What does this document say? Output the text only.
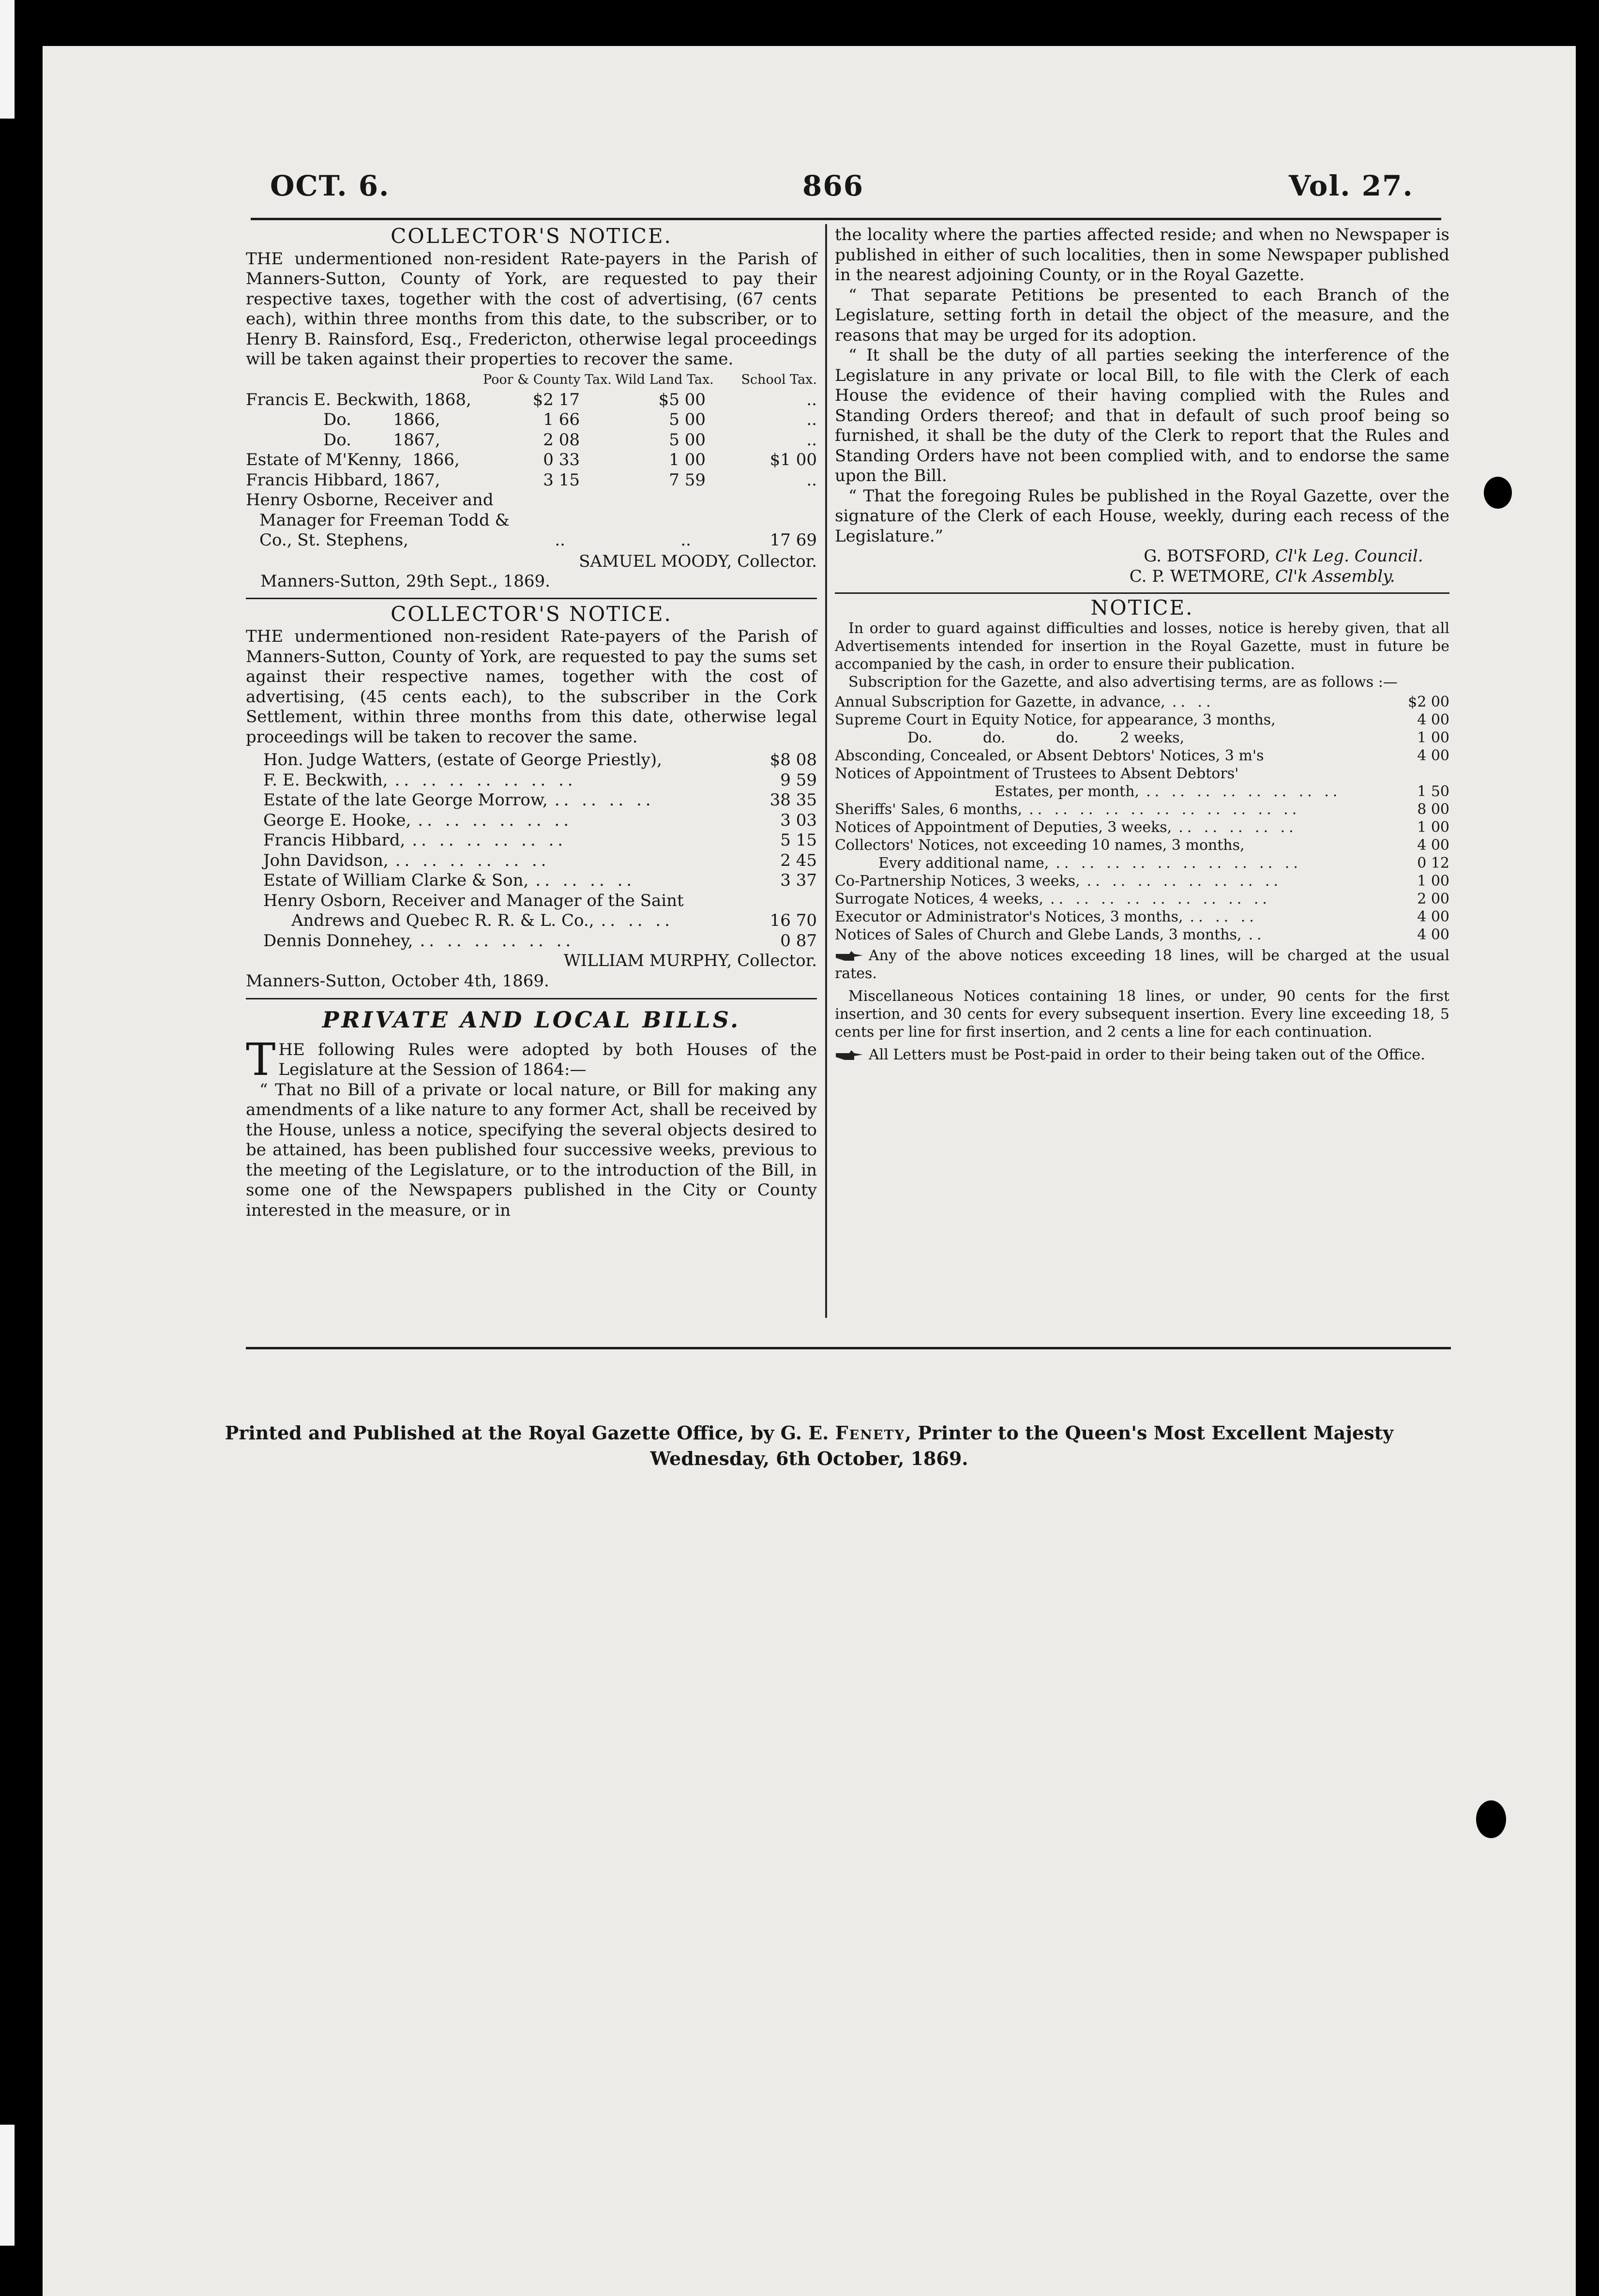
OCT. 6.	866	Vol. 27.
COLLECTOR'S NOTICE.

THE undermentioned non-resident Rate-payers in the Parish of Manners-Sutton, County of York, are requested to pay their respective taxes, together with the cost of advertising, (67 cents each), within three months from this date, to the subscriber, or to Henry B. Rainsford, Esq., Fredericton, otherwise legal proceedings will be taken against their properties to recover the same.

Poor & County Tax. Wild Land Tax.	School Tax.
Francis E. Beckwith, 1868,	$2 17	$5 00	..
Do.        1866,	1 66	5 00	..
Do.        1867,	2 08	5 00	..
Estate of M'Kenny,  1866,	0 33	1 00	$1 00
Francis Hibbard, 1867,	3 15	7 59	..
Henry Osborne, Receiver and
Manager for Freeman Todd &
Co., St. Stephens,	..	..	17 69
SAMUEL MOODY, Collector.
Manners-Sutton, 29th Sept., 1869.
COLLECTOR'S NOTICE.

THE undermentioned non-resident Rate-payers of the Parish of Manners-Sutton, County of York, are requested to pay the sums set against their respective names, together with the cost of advertising, (45 cents each), to the subscriber in the Cork Settlement, within three months from this date, otherwise legal proceedings will be taken to recover the same.

Hon. Judge Watters, (estate of George Priestly),	$8 08
F. E. Beckwith, .. .. .. .. .. .. ..	9 59
Estate of the late George Morrow, .. .. .. ..	38 35
George E. Hooke, .. .. .. .. .. ..	3 03
Francis Hibbard, .. .. .. .. .. ..	5 15
John Davidson, .. .. .. .. .. ..	2 45
Estate of William Clarke & Son, .. .. .. ..	3 37
Henry Osborn, Receiver and Manager of the Saint
Andrews and Quebec R. R. & L. Co., .. .. ..	16 70
Dennis Donnehey, .. .. .. .. .. ..	0 87
WILLIAM MURPHY, Collector.
Manners-Sutton, October 4th, 1869.
PRIVATE AND LOCAL BILLS.

THE following Rules were adopted by both Houses of the Legislature at the Session of 1864:—

“ That no Bill of a private or local nature, or Bill for making any amendments of a like nature to any former Act, shall be received by the House, unless a notice, specifying the several objects desired to be attained, has been published four successive weeks, previous to the meeting of the Legislature, or to the introduction of the Bill, in some one of the Newspapers published in the City or County interested in the measure, or in

the locality where the parties affected reside; and when no Newspaper is published in either of such localities, then in some Newspaper published in the nearest adjoining County, or in the Royal Gazette.

“ That separate Petitions be presented to each Branch of the Legislature, setting forth in detail the object of the measure, and the reasons that may be urged for its adoption.

“ It shall be the duty of all parties seeking the interference of the Legislature in any private or local Bill, to file with the Clerk of each House the evidence of their having complied with the Rules and Standing Orders thereof; and that in default of such proof being so furnished, it shall be the duty of the Clerk to report that the Rules and Standing Orders have not been complied with, and to endorse the same upon the Bill.

“ That the foregoing Rules be published in the Royal Gazette, over the signature of the Clerk of each House, weekly, during each recess of the Legislature.”

G. BOTSFORD, Cl'k Leg. Council.
C. P. WETMORE, Cl'k Assembly.
NOTICE.

In order to guard against difficulties and losses, notice is hereby given, that all Advertisements intended for insertion in the Royal Gazette, must in future be accompanied by the cash, in order to ensure their publication.

Subscription for the Gazette, and also advertising terms, are as follows :—

Annual Subscription for Gazette, in advance, .. ..	$2 00
Supreme Court in Equity Notice, for appearance, 3 months,	4 00
Do.           do.           do.         2 weeks,	1 00
Absconding, Concealed, or Absent Debtors' Notices, 3 m's	4 00
Notices of Appointment of Trustees to Absent Debtors'
Estates, per month, .. .. .. .. .. .. .. ..	1 50
Sheriffs' Sales, 6 months, .. .. .. .. .. .. .. .. .. .. ..	8 00
Notices of Appointment of Deputies, 3 weeks, .. .. .. .. ..	1 00
Collectors' Notices, not exceeding 10 names, 3 months,	4 00
Every additional name, .. .. .. .. .. .. .. .. .. ..	0 12
Co-Partnership Notices, 3 weeks, .. .. .. .. .. .. .. ..	1 00
Surrogate Notices, 4 weeks, .. .. .. .. .. .. .. .. ..	2 00
Executor or Administrator's Notices, 3 months, .. .. ..	4 00
Notices of Sales of Church and Glebe Lands, 3 months, ..	4 00

Any of the above notices exceeding 18 lines, will be charged at the usual rates.

Miscellaneous Notices containing 18 lines, or under, 90 cents for the first insertion, and 30 cents for every subsequent insertion. Every line exceeding 18, 5 cents per line for first insertion, and 2 cents a line for each continuation.

All Letters must be Post-paid in order to their being taken out of the Office.

Printed and Published at the Royal Gazette Office, by G. E. Fenety, Printer to the Queen's Most Excellent Majesty
Wednesday, 6th October, 1869.
